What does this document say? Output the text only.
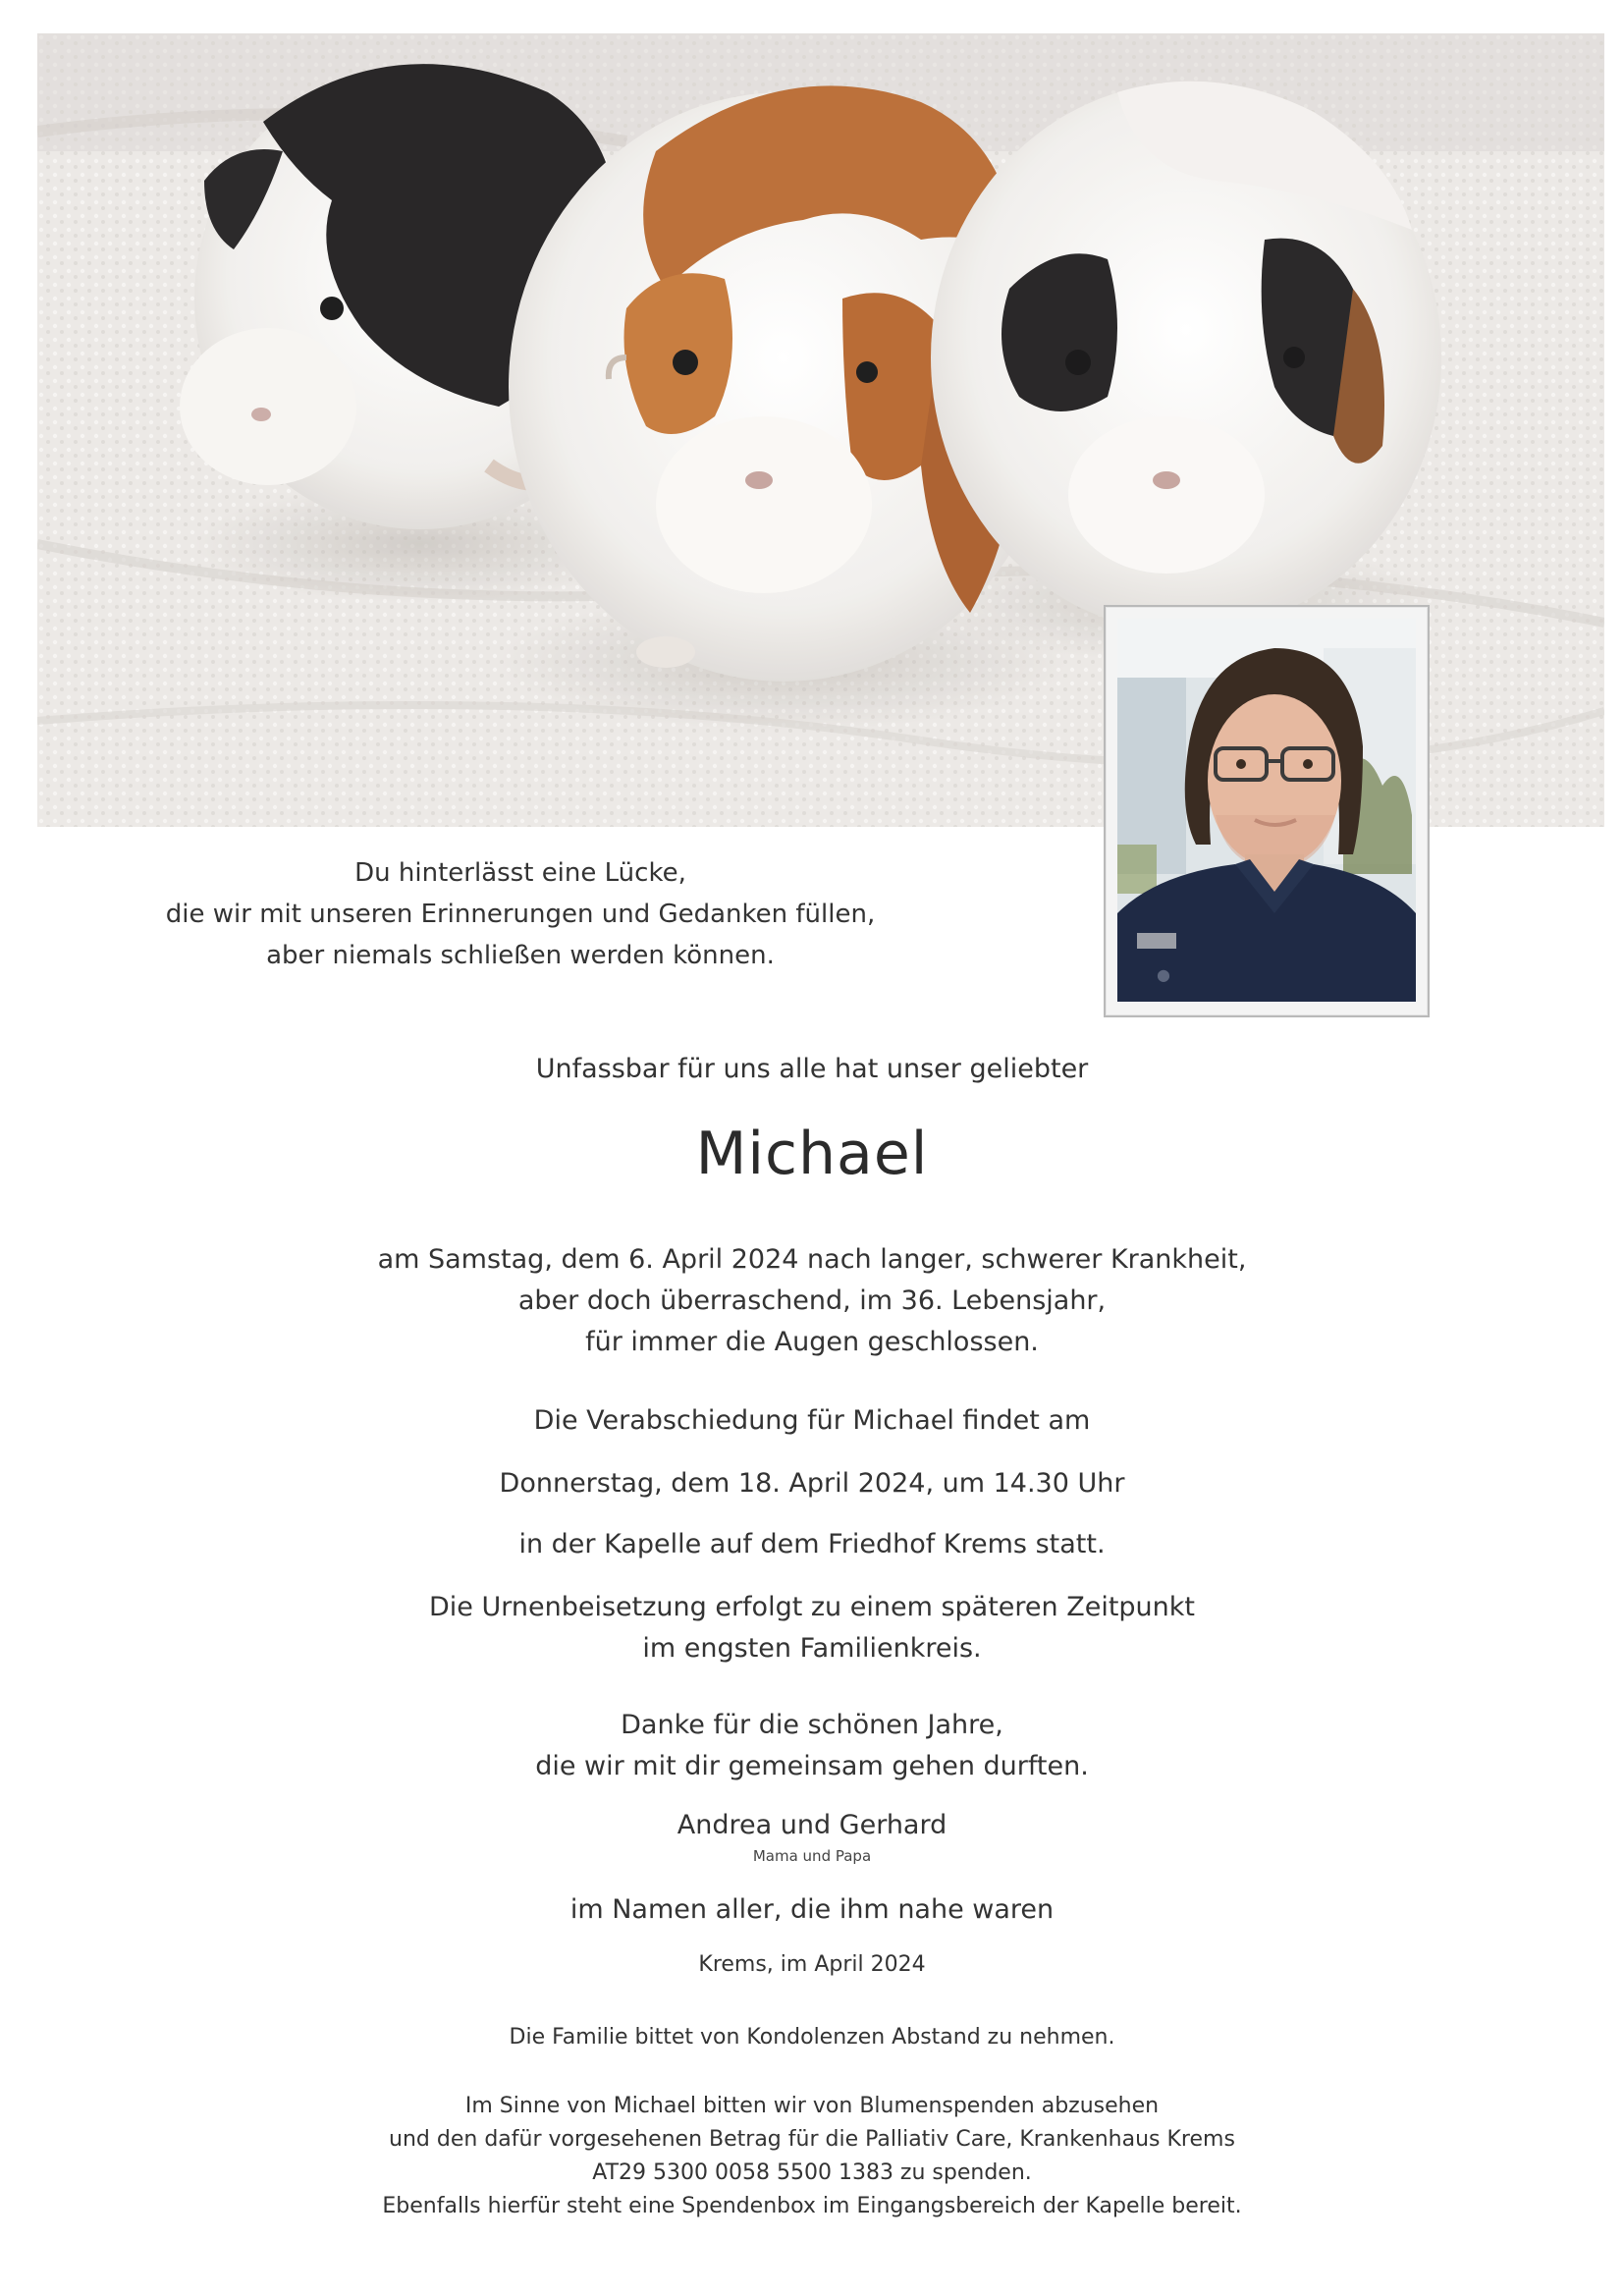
●
Du hinterlässt eine Lücke,
die wir mit unseren Erinnerungen und Gedanken füllen,
aber niemals schließen werden können.
Unfassbar für uns alle hat unser geliebter
Michael
am Samstag, dem 6. April 2024 nach langer, schwerer Krankheit,
aber doch überraschend, im 36. Lebensjahr,
für immer die Augen geschlossen.
Die Verabschiedung für Michael findet am
Donnerstag, dem 18. April 2024, um 14.30 Uhr
in der Kapelle auf dem Friedhof Krems statt.
Die Urnenbeisetzung erfolgt zu einem späteren Zeitpunkt
im engsten Familienkreis.
Danke für die schönen Jahre,
die wir mit dir gemeinsam gehen durften.
Andrea und Gerhard
Mama und Papa
im Namen aller, die ihm nahe waren
Krems, im April 2024
Die Familie bittet von Kondolenzen Abstand zu nehmen.
Im Sinne von Michael bitten wir von Blumenspenden abzusehen
und den dafür vorgesehenen Betrag für die Palliativ Care, Krankenhaus Krems
AT29 5300 0058 5500 1383 zu spenden.
Ebenfalls hierfür steht eine Spendenbox im Eingangsbereich der Kapelle bereit.
